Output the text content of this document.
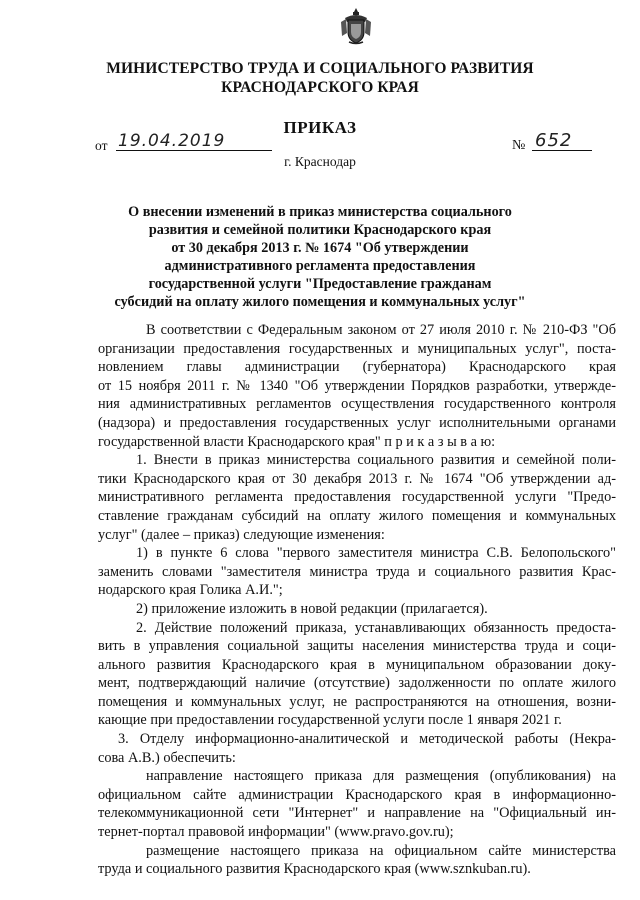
МИНИСТЕРСТВО ТРУДА И СОЦИАЛЬНОГО РАЗВИТИЯ
КРАСНОДАРСКОГО КРАЯ
ПРИКАЗ
от 19.04.2019	№ 652
г. Краснодар
О внесении изменений в приказ министерства социального
развития и семейной политики Краснодарского края
от 30 декабря 2013 г. № 1674 "Об утверждении
административного регламента предоставления
государственной услуги "Предоставление гражданам
субсидий на оплату жилого помещения и коммунальных услуг"
В соответствии с Федеральным законом от 27 июля 2010 г. № 210-ФЗ "Об
организации предоставления государственных и муниципальных услуг", поста-
новлением главы администрации (губернатора) Краснодарского края
от 15 ноября 2011 г. № 1340 "Об утверждении Порядков разработки, утвержде-
ния административных регламентов осуществления государственного контроля
(надзора) и предоставления государственных услуг исполнительными органами
государственной власти Краснодарского края" п р и к а з ы в а ю:
1. Внести в приказ министерства социального развития и семейной поли-
тики Краснодарского края от 30 декабря 2013 г. № 1674 "Об утверждении ад-
министративного регламента предоставления государственной услуги "Предо-
ставление гражданам субсидий на оплату жилого помещения и коммунальных
услуг" (далее – приказ) следующие изменения:
1) в пункте 6 слова "первого заместителя министра С.В. Белопольского"
заменить словами "заместителя министра труда и социального развития Крас-
нодарского края Голика А.И.";
2) приложение изложить в новой редакции (прилагается).
2. Действие положений приказа, устанавливающих обязанность предоста-
вить в управления социальной защиты населения министерства труда и соци-
ального развития Краснодарского края в муниципальном образовании доку-
мент, подтверждающий наличие (отсутствие) задолженности по оплате жилого
помещения и коммунальных услуг, не распространяются на отношения, возни-
кающие при предоставлении государственной услуги после 1 января 2021 г.
3. Отделу информационно-аналитической и методической работы (Некра-
сова А.В.) обеспечить:
направление настоящего приказа для размещения (опубликования) на
официальном сайте администрации Краснодарского края в информационно-
телекоммуникационной сети "Интернет" и направление на "Официальный ин-
тернет-портал правовой информации" (www.pravo.gov.ru);
размещение настоящего приказа на официальном сайте министерства
труда и социального развития Краснодарского края (www.sznkuban.ru).
